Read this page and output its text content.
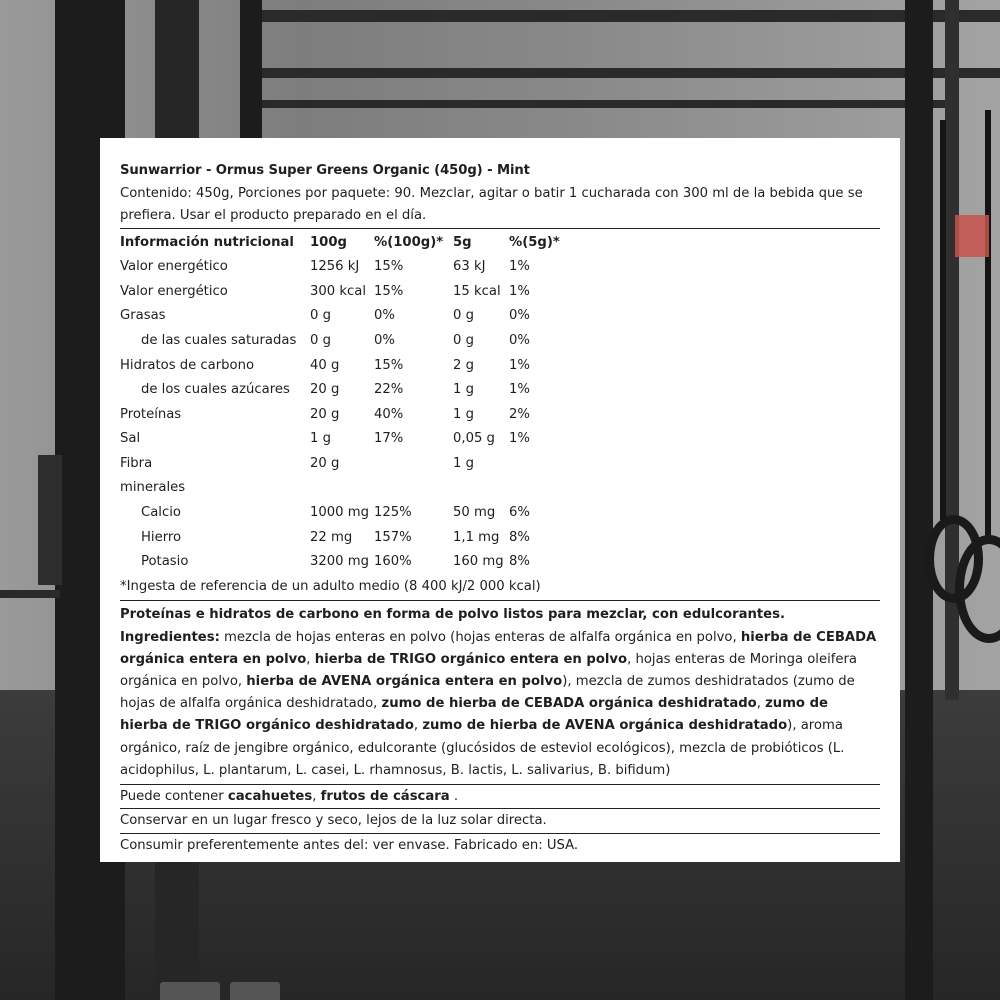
Sunwarrior - Ormus Super Greens Organic (450g) - Mint
Contenido: 450g, Porciones por paquete: 90. Mezclar, agitar o batir 1 cucharada con 300 ml de la bebida que se prefiera. Usar el producto preparado en el día.
Información nutricional	100g	%(100g)*	5g	%(5g)*
Valor energético	1256 kJ	15%	63 kJ	1%
Valor energético	300 kcal	15%	15 kcal	1%
Grasas	0 g	0%	0 g	0%
de las cuales saturadas	0 g	0%	0 g	0%
Hidratos de carbono	40 g	15%	2 g	1%
de los cuales azúcares	20 g	22%	1 g	1%
Proteínas	20 g	40%	1 g	2%
Sal	1 g	17%	0,05 g	1%
Fibra	20 g		1 g	
minerales				
Calcio	1000 mg	125%	50 mg	6%
Hierro	22 mg	157%	1,1 mg	8%
Potasio	3200 mg	160%	160 mg	8%
*Ingesta de referencia de un adulto medio (8 400 kJ/2 000 kcal)
Proteínas e hidratos de carbono en forma de polvo listos para mezclar, con edulcorantes. Ingredientes: mezcla de hojas enteras en polvo (hojas enteras de alfalfa orgánica en polvo, hierba de CEBADA orgánica entera en polvo, hierba de TRIGO orgánico entera en polvo, hojas enteras de Moringa oleifera orgánica en polvo, hierba de AVENA orgánica entera en polvo), mezcla de zumos deshidratados (zumo de hojas de alfalfa orgánica deshidratado, zumo de hierba de CEBADA orgánica deshidratado, zumo de hierba de TRIGO orgánico deshidratado, zumo de hierba de AVENA orgánica deshidratado), aroma orgánico, raíz de jengibre orgánico, edulcorante (glucósidos de esteviol ecológicos), mezcla de probióticos (L. acidophilus, L. plantarum, L. casei, L. rhamnosus, B. lactis, L. salivarius, B. bifidum)
Puede contener cacahuetes, frutos de cáscara .
Conservar en un lugar fresco y seco, lejos de la luz solar directa.
Consumir preferentemente antes del: ver envase. Fabricado en: USA.
